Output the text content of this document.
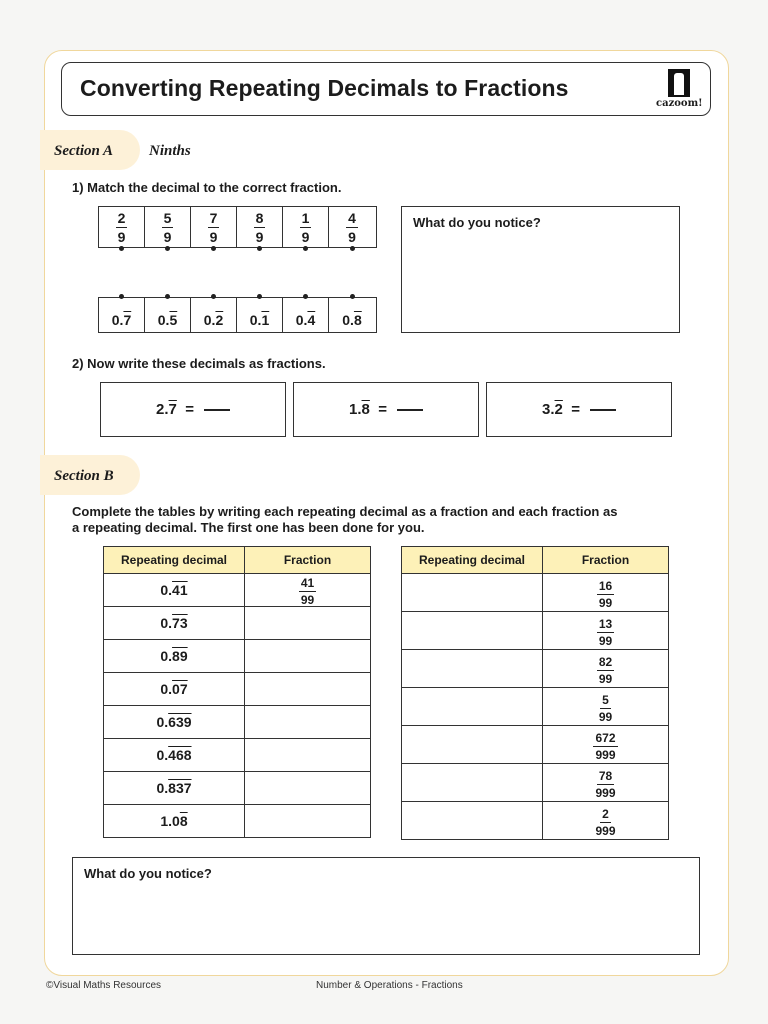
Converting Repeating Decimals to Fractions
cazoom!
Section A Ninths
1) Match the decimal to the correct fraction.
$\frac{2}{9} \frac{5}{9} \frac{7}{9} \frac{8}{9} \frac{1}{9} \frac{4}{9}$
0.7 0.5 0.2 0.1 0.4 0.8
What do you notice?
2) Now write these decimals as fractions.
2. 7
=	1. 8
=	3. 2
=
Section B
Complete the tables by writing each repeating decimal as a fraction and each fraction as
a repeating decimal. The first one has been done for you.
Repeating decimal	Fraction
0.41	$\frac{41}{99}$

0.73	
0.89	
0.07	
0.639	
0.468	
0.837	
1.08	
Repeating decimal	Fraction

	$\frac{16}{99}$

	$\frac{13}{99}$

	$\frac{82}{99}$

	$\frac{5}{99}$

	$\frac{672}{999}$

	$\frac{78}{999}$

	$\frac{2}{999}$
What do you notice?
©Visual Maths Resources	Number & Operations - Fractions
